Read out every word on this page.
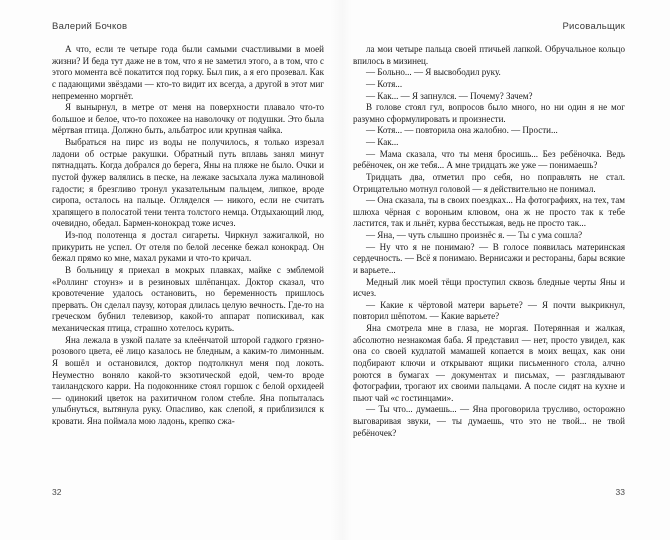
Валерий Бочков	Рисовальщик

А что, если те четыре года были самыми счастливыми в моей жизни? И беда тут даже не в том, что я не заметил этого, а в том, что с этого момента всё покатится под горку. Был пик, а я его прозевал. Как с падающими звёздами — кто-то видит их всегда, а другой в этот миг непременно моргнёт.

Я вынырнул, в метре от меня на поверхности плавало что-то большое и белое, что-то похожее на наволочку от подушки. Это была мёртвая птица. Должно быть, альбатрос или крупная чайка.

Выбраться на пирс из воды не получилось, я только изрезал ладони об острые ракушки. Обратный путь вплавь занял минут пятнадцать. Когда добрался до берега, Яны на пляже не было. Очки и пустой фужер валялись в песке, на лежаке засыхала лужа малиновой гадости; я брезгливо тронул указательным пальцем, липкое, вроде сиропа, осталось на пальце. Огляделся — никого, если не считать храпящего в полосатой тени тента толстого немца. Отдыхающий люд, очевидно, обедал. Бармен-конокрад тоже исчез.

Из-под полотенца я достал сигареты. Чиркнул зажигалкой, но прикурить не успел. От отеля по белой лесенке бежал конокрад. Он бежал прямо ко мне, махал руками и что-то кричал.

В больницу я приехал в мокрых плавках, майке с эмблемой «Роллинг стоунз» и в резиновых шлёпанцах. Доктор сказал, что кровотечение удалось остановить, но беременность пришлось прервать. Он сделал паузу, которая длилась целую вечность. Где-то на греческом бубнил телевизор, какой-то аппарат попискивал, как механическая птица, страшно хотелось курить.

Яна лежала в узкой палате за клеёнчатой шторой гадкого грязно-розового цвета, её лицо казалось не бледным, а каким-то лимонным. Я вошёл и остановился, доктор подтолкнул меня под локоть. Неуместно воняло какой-то экзотической едой, чем-то вроде таиландского карри. На подоконнике стоял горшок с белой орхидеей — одинокий цветок на рахитичном голом стебле. Яна попыталась улыбнуться, вытянула руку. Опасливо, как слепой, я приблизился к кровати. Яна поймала мою ладонь, крепко сжа-

ла мои четыре пальца своей птичьей лапкой. Обручальное кольцо впилось в мизинец.

— Больно... — Я высвободил руку.

— Котя...

— Как... — Я запнулся. — Почему? Зачем?

В голове стоял гул, вопросов было много, но ни один я не мог разумно сформулировать и произнести.

— Котя... — повторила она жалобно. — Прости...

— Как...

— Мама сказала, что ты меня бросишь... Без ребёночка. Ведь ребёночек, он же тебя... А мне тридцать же уже — понимаешь?

Тридцать два, отметил про себя, но поправлять не стал. Отрицательно мотнул головой — я действительно не понимал.

— Она сказала, ты в своих поездках... На фотографиях, на тех, там шлюха чёрная с вороньим клювом, она ж не просто так к тебе ластится, так и льнёт, курва бесстыжая, ведь не просто так...

— Яна, — чуть слышно произнёс я. — Ты с ума сошла?

— Ну что я не понимаю? — В голосе появилась материнская сердечность. — Всё я понимаю. Вернисажи и рестораны, бары всякие и варьете...

Медный лик моей тёщи проступил сквозь бледные черты Яны и исчез.

— Какие к чёртовой матери варьете? — Я почти выкрикнул, повторил шёпотом. — Какие варьете?

Яна смотрела мне в глаза, не моргая. Потерянная и жалкая, абсолютно незнакомая баба. Я представил — нет, просто увидел, как она со своей кудлатой мамашей копается в моих вещах, как они подбирают ключи и открывают ящики письменного стола, алчно роются в бумагах — документах и письмах, — разглядывают фотографии, трогают их своими пальцами. А после сидят на кухне и пьют чай «с гостинцами».

— Ты что... думаешь... — Яна проговорила трусливо, осторожно выговаривая звуки, — ты думаешь, что это не твой... не твой ребёночек?

32	33
